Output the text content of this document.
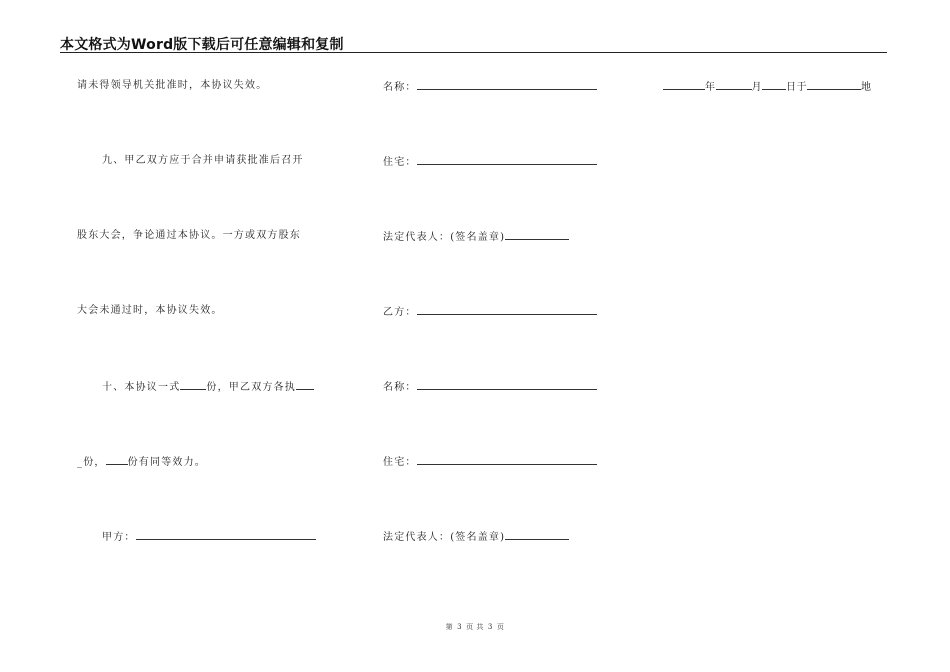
本文格式为Word版下载后可任意编辑和复制
请未得领导机关批准时，本协议失效。
九、甲乙双方应于合并申请获批准后召开
股东大会，争论通过本协议。一方或双方股东
大会未通过时，本协议失效。
十、本协议一式	份，甲乙双方各执
_份， 份有同等效力。
甲方：
名称：
住宅：
法定代表人：(签名盖章)
乙方：
名称：
住宅：
法定代表人：(签名盖章)
年	月 日于	地
第 3 页 共 3 页
